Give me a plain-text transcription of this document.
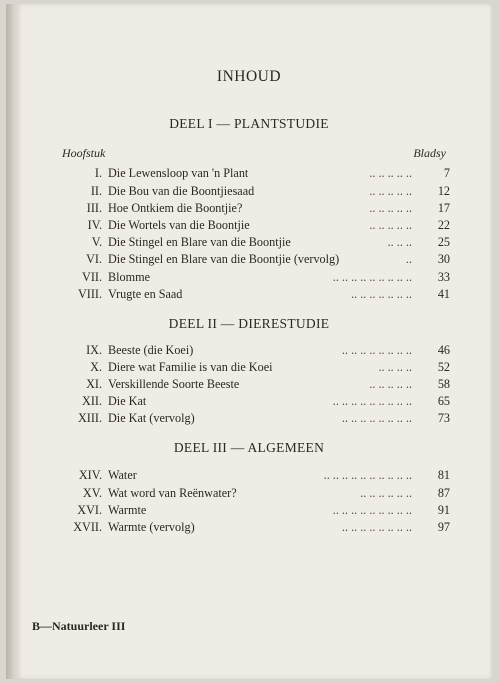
INHOUD
DEEL I — PLANTSTUDIE
Hoofstuk	Bladsy
I. Die Lewensloop van 'n Plant	.. .. .. .. ..	7
II. Die Bou van die Boontjiesaad	.. .. .. .. ..	12
III. Hoe Ontkiem die Boontjie?	.. .. .. .. ..	17
IV. Die Wortels van die Boontjie	.. .. .. .. ..	22
V. Die Stingel en Blare van die Boontjie	.. .. ..	25
VI. Die Stingel en Blare van die Boontjie (vervolg)	..	30
VII. Blomme	.. .. .. .. .. .. .. .. ..	33
VIII. Vrugte en Saad	.. .. .. .. .. .. ..	41
DEEL II — DIERESTUDIE
IX. Beeste (die Koei)	.. .. .. .. .. .. .. ..	46
X. Diere wat Familie is van die Koei	.. .. .. ..	52
XI. Verskillende Soorte Beeste	.. .. .. .. ..	58
XII. Die Kat	.. .. .. .. .. .. .. .. ..	65
XIII. Die Kat (vervolg)	.. .. .. .. .. .. .. ..	73
DEEL III — ALGEMEEN
XIV. Water	.. .. .. .. .. .. .. .. .. ..	81
XV. Wat word van Reënwater?	.. .. .. .. .. ..	87
XVI. Warmte	.. .. .. .. .. .. .. .. ..	91
XVII. Warmte (vervolg)	.. .. .. .. .. .. .. ..	97
B—Natuurleer III
